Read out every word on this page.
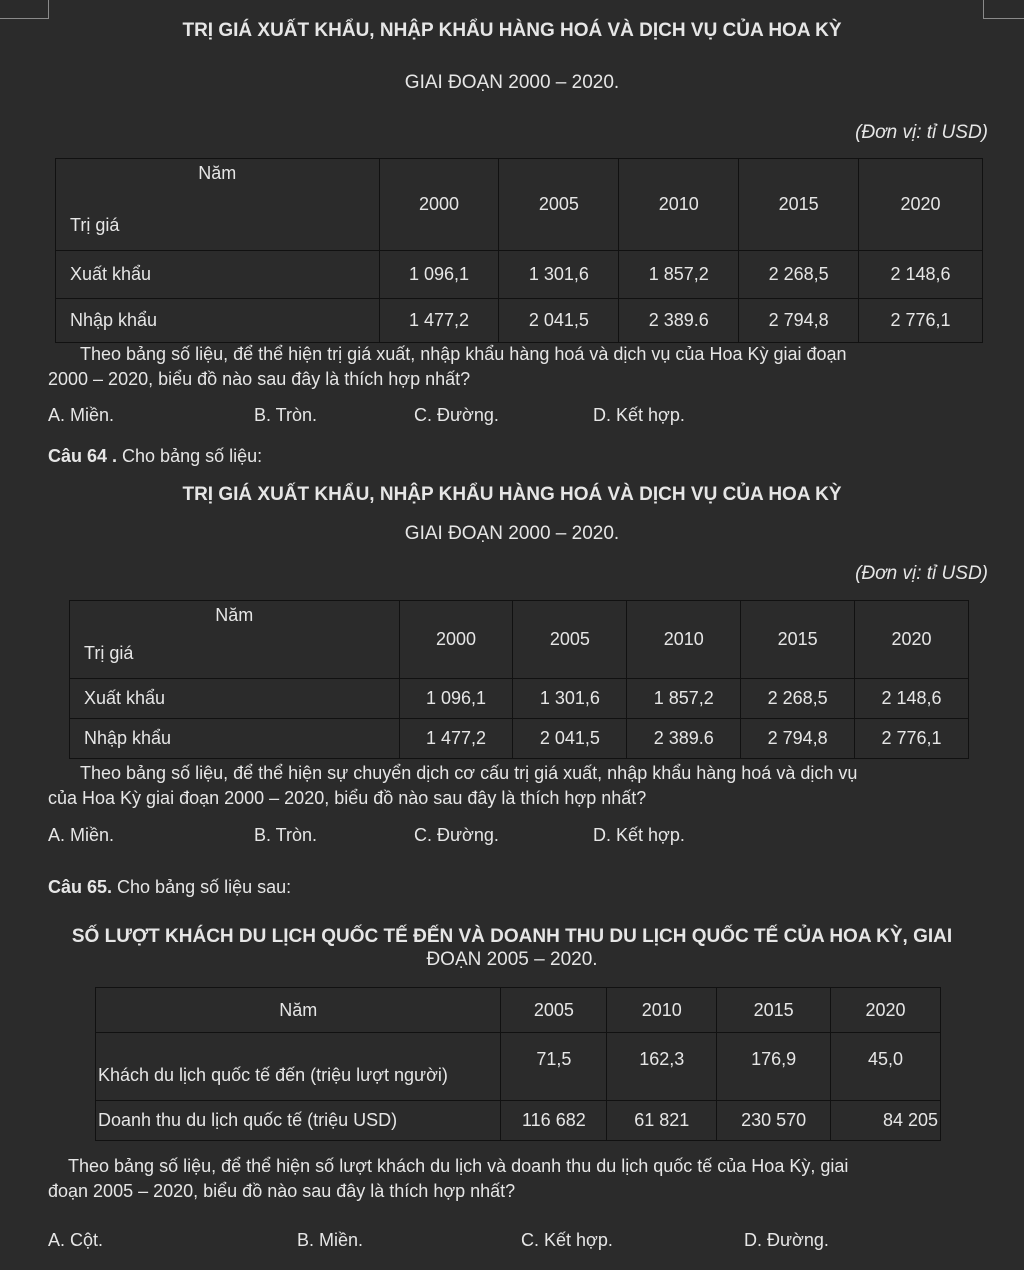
TRỊ GIÁ XUẤT KHẨU, NHẬP KHẨU HÀNG HOÁ VÀ DỊCH VỤ CỦA HOA KỲ
GIAI ĐOẠN 2000 – 2020.
(Đơn vị: tỉ USD)
Năm
Trị giá	2000	2005	2010	2015	2020
Xuất khẩu	1 096,1	1 301,6	1 857,2	2 268,5	2 148,6
Nhập khẩu	1 477,2	2 041,5	2 389.6	2 794,8	2 776,1
Theo bảng số liệu, để thể hiện trị giá xuất, nhập khẩu hàng hoá và dịch vụ của Hoa Kỳ giai đoạn
2000 – 2020, biểu đồ nào sau đây là thích hợp nhất?
A. Miền.	B. Tròn.	C. Đường.	D. Kết hợp.
Câu 64 . Cho bảng số liệu:
TRỊ GIÁ XUẤT KHẨU, NHẬP KHẨU HÀNG HOÁ VÀ DỊCH VỤ CỦA HOA KỲ
GIAI ĐOẠN 2000 – 2020.
(Đơn vị: tỉ USD)
Năm
Trị giá	2000	2005	2010	2015	2020
Xuất khẩu	1 096,1	1 301,6	1 857,2	2 268,5	2 148,6
Nhập khẩu	1 477,2	2 041,5	2 389.6	2 794,8	2 776,1
Theo bảng số liệu, để thể hiện sự chuyển dịch cơ cấu trị giá xuất, nhập khẩu hàng hoá và dịch vụ
của Hoa Kỳ giai đoạn 2000 – 2020, biểu đồ nào sau đây là thích hợp nhất?
A. Miền.	B. Tròn.	C. Đường.	D. Kết hợp.
Câu 65. Cho bảng số liệu sau:
SỐ LƯỢT KHÁCH DU LỊCH QUỐC TẾ ĐẾN VÀ DOANH THU DU LỊCH QUỐC TẾ CỦA HOA KỲ, GIAI
ĐOẠN 2005 – 2020.
Năm	2005	2010	2015	2020
Khách du lịch quốc tế đến (triệu lượt người)	71,5	162,3	176,9	45,0
Doanh thu du lịch quốc tế (triệu USD)	116 682	61 821	230 570	84 205
Theo bảng số liệu, để thể hiện số lượt khách du lịch và doanh thu du lịch quốc tế của Hoa Kỳ, giai
đoạn 2005 – 2020, biểu đồ nào sau đây là thích hợp nhất?
A. Cột.	B. Miền.	C. Kết hợp.	D. Đường.
